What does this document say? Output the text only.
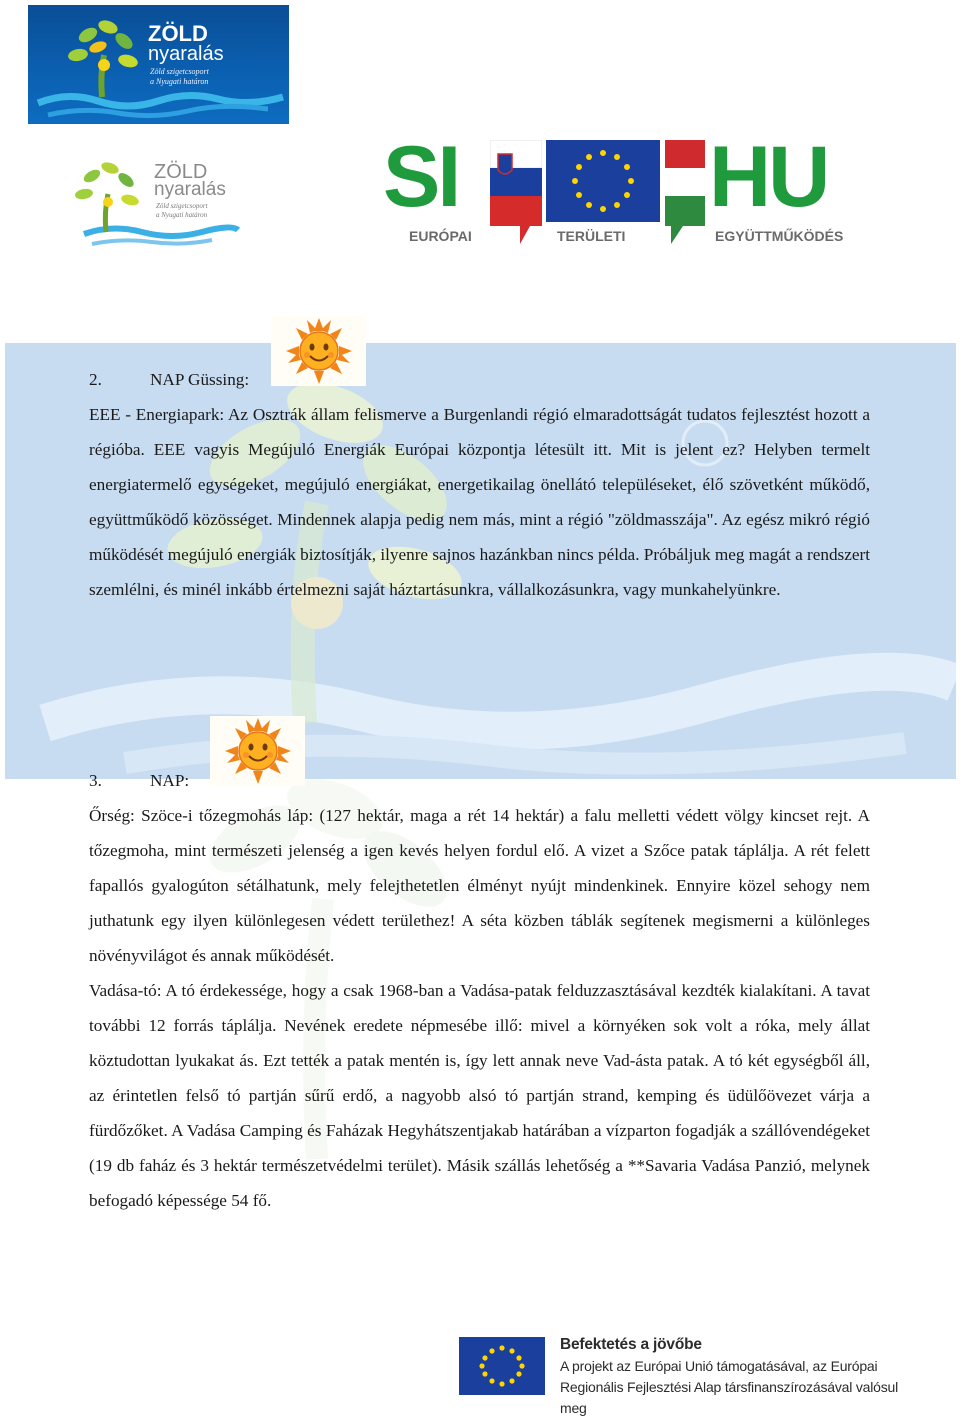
ZÖLD
nyaralás
Zöld szigetcsoport
a Nyugati határon
ZÖLD
nyaralás
Zöld szigetcsoport
a Nyugati határon SI	HU
EURÓPAI	TERÜLETI	EGYÜTTMŰKÖDÉS
2.	NAP Güssing:
EEE - Energiapark: Az Osztrák állam felismerve a Burgenlandi régió elmaradottságát tudatos fejlesztést hozott a régióba. EEE vagyis Megújuló Energiák Európai központja létesült itt. Mit is jelent ez? Helyben termelt energiatermelő egységeket, megújuló energiákat, energetikailag önellátó településeket, élő szövetként működő, együttműködő közösséget. Mindennek alapja pedig nem más, mint a régió "zöldmasszája". Az egész mikró régió működését megújuló energiák biztosítják, ilyenre sajnos hazánkban nincs példa. Próbáljuk meg magát a rendszert szemlélni, és minél inkább értelmezni saját háztartásunkra, vállalkozásunkra, vagy munkahelyünkre.
3.	NAP:
Őrség: Szöce-i tőzegmohás láp: (127 hektár, maga a rét 14 hektár) a falu melletti védett völgy kincset rejt. A tőzegmoha, mint természeti jelenség a igen kevés helyen fordul elő. A vizet a Szőce patak táplálja. A rét felett fapallós gyalogúton sétálhatunk, mely felejthetetlen élményt nyújt mindenkinek. Ennyire közel sehogy nem juthatunk egy ilyen különlegesen védett területhez! A séta közben táblák segítenek megismerni a különleges növényvilágot és annak működését.
Vadása-tó: A tó érdekessége, hogy a csak 1968-ban a Vadása-patak felduzzasztásával kezdték kialakítani. A tavat további 12 forrás táplálja. Nevének eredete népmesébe illő: mivel a környéken sok volt a róka, mely állat köztudottan lyukakat ás. Ezt tették a patak mentén is, így lett annak neve Vad-ásta patak. A tó két egységből áll, az érintetlen felső tó partján sűrű erdő, a nagyobb alsó tó partján strand, kemping és üdülőövezet várja a fürdőzőket. A Vadása Camping és Faházak Hegyhátszentjakab határában a vízparton fogadják a szállóvendégeket (19 db faház és 3 hektár természetvédelmi terület). Másik szállás lehetőség a **Savaria Vadása Panzió, melynek befogadó képessége 54 fő.
Befektetés a jövőbe
A projekt az Európai Unió támogatásával, az Európai
Regionális Fejlesztési Alap társfinanszírozásával valósul meg
